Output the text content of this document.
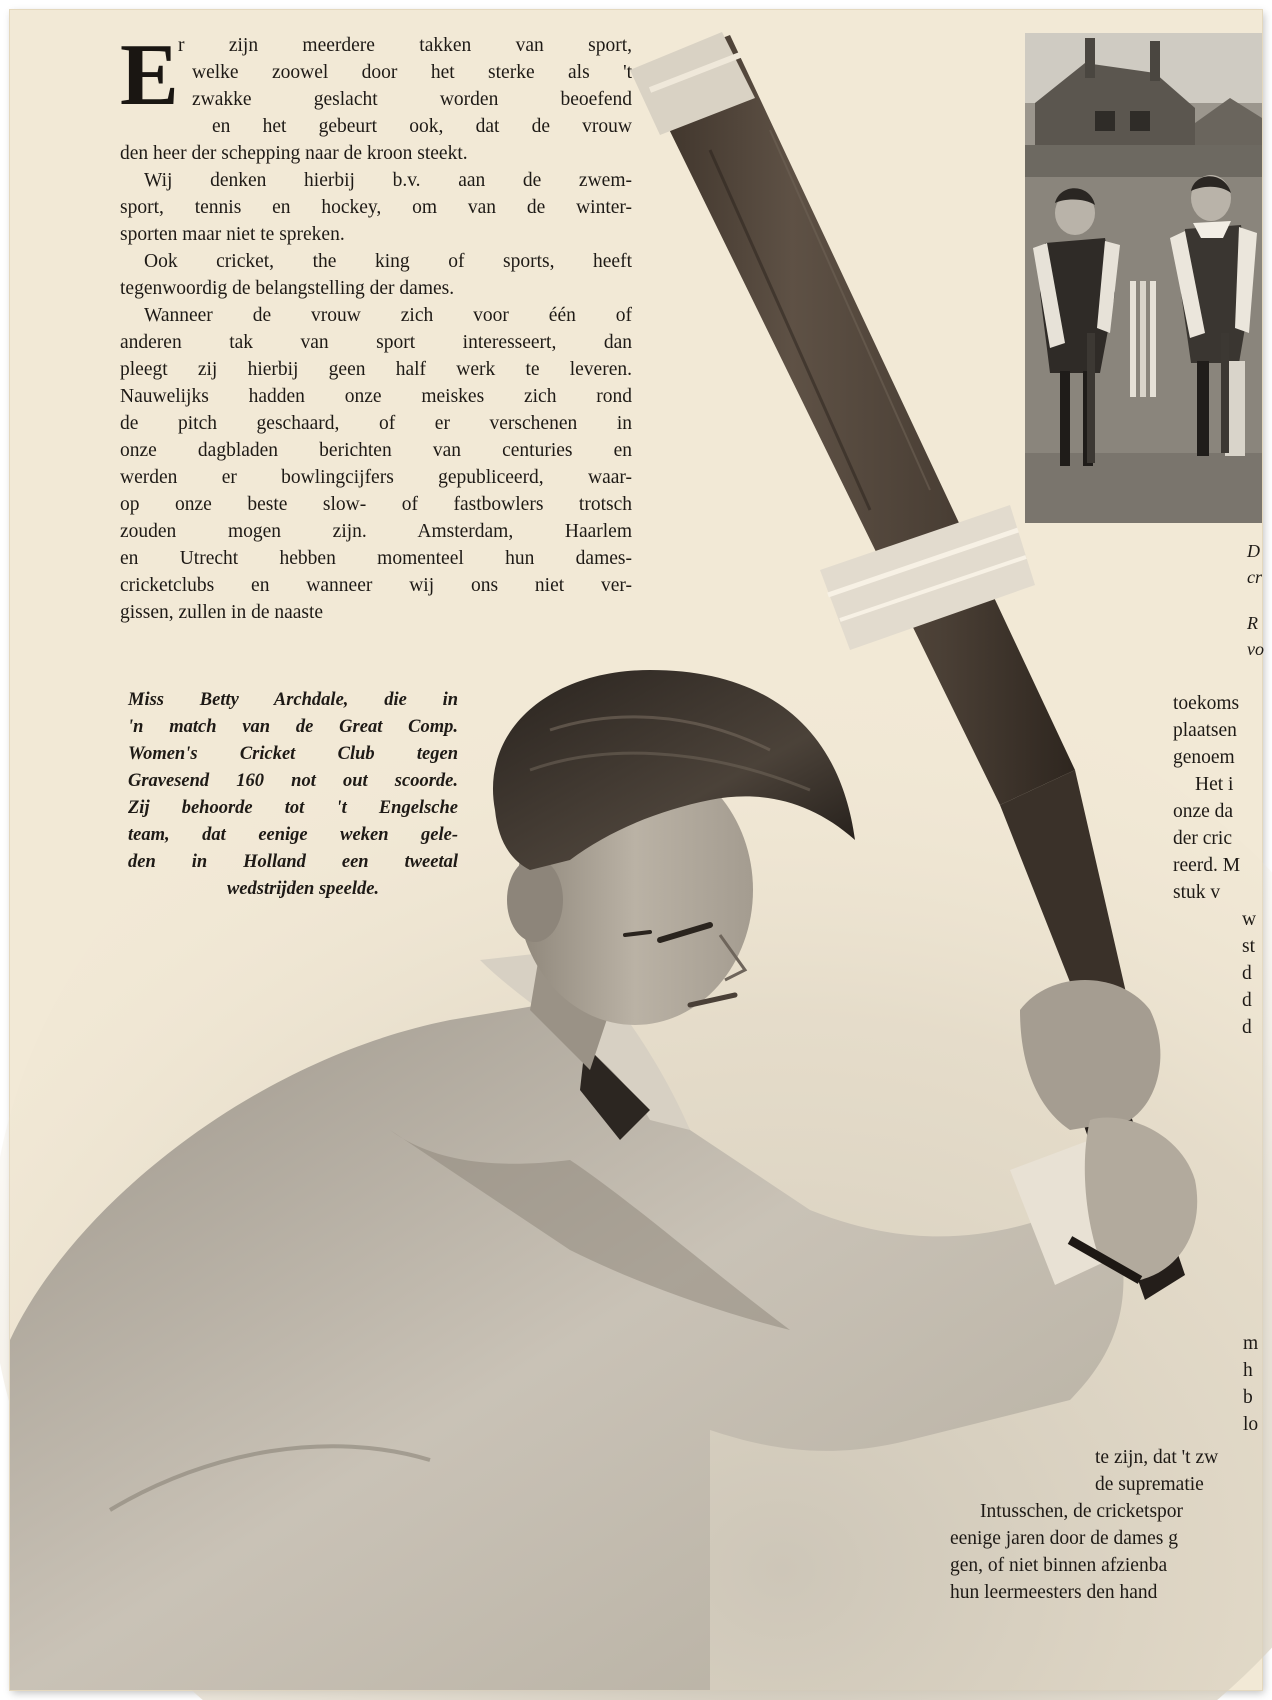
E r zijn meerdere takken van sport,
welke zoowel door het sterke als 't
zwakke geslacht worden beoefend
en het gebeurt ook, dat de vrouw
den heer der schepping naar de kroon steekt.
Wij denken hierbij b.v. aan de zwem-
sport, tennis en hockey, om van de winter-
sporten maar niet te spreken.
Ook cricket, the king of sports, heeft
tegenwoordig de belangstelling der dames.
Wanneer de vrouw zich voor één of
anderen tak van sport interesseert, dan
pleegt zij hierbij geen half werk te leveren.
Nauwelijks hadden onze meiskes zich rond
de pitch geschaard, of er verschenen in
onze dagbladen berichten van centuries en
werden er bowlingcijfers gepubliceerd, waar-
op onze beste slow- of fastbowlers trotsch
zouden mogen zijn. Amsterdam, Haarlem
en Utrecht hebben momenteel hun dames-
cricketclubs en wanneer wij ons niet ver-
gissen, zullen in de naaste
Miss Betty Archdale, die in
'n match van de Great Comp.
Women's Cricket Club tegen
Gravesend 160 not out scoorde.
Zij behoorde tot 't Engelsche
team, dat eenige weken gele-
den in Holland een tweetal
wedstrijden speelde.
D
cr
R
vo
toekoms
plaatsen
genoem
Het i
onze da
der cric
reerd. M
stuk v
w
st
d
d
d
m
h
b
lo
te zijn, dat 't zw
de supre​matie
Intusschen, de cricketspor
eenige jaren door de dames g
gen, of niet binnen afzienba
hun leermeesters den hand
